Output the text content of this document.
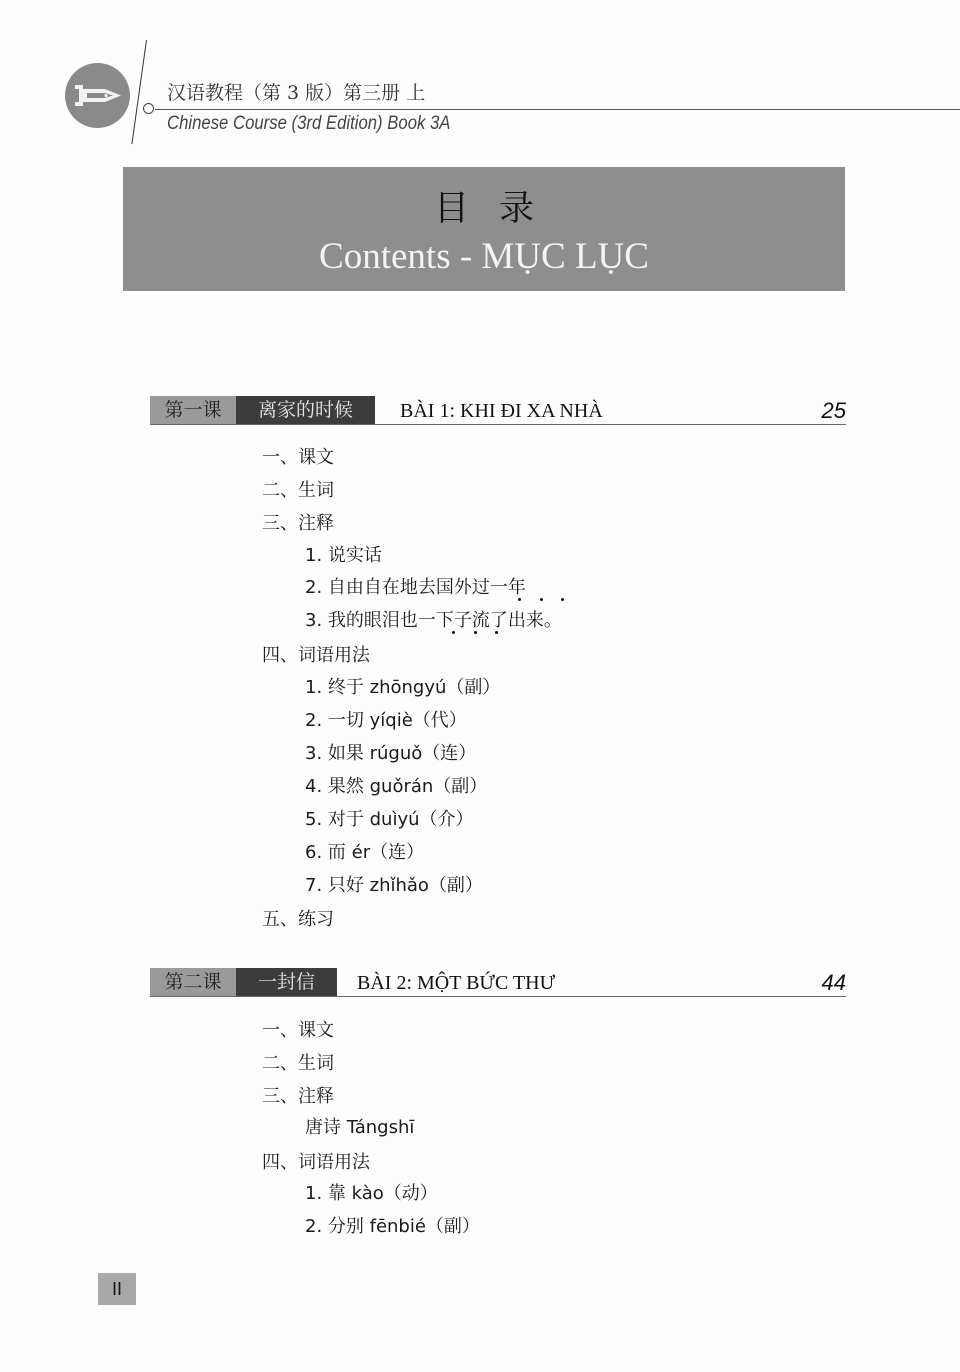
汉语教程（第 3 版）第三册 上
Chinese Course (3rd Edition) Book 3A
目录
Contents - MỤC LỤC
第一课	离家的时候	BÀI 1: KHI ĐI XA NHÀ	25
一、课文
二、生词
三、注释
1. 说实话
2. 自由自在地去国外过一年
3. 我的眼泪也一下子流了出来。
四、词语用法
1. 终于 zhōngyú（副）
2. 一切 yíqiè（代）
3. 如果 rúguǒ（连）
4. 果然 guǒrán（副）
5. 对于 duìyú（介）
6. 而 ér（连）
7. 只好 zhǐhǎo（副）
五、练习
第二课	一封信	BÀI 2: MỘT BỨC THƯ	44
一、课文
二、生词
三、注释
唐诗 Tángshī
四、词语用法
1. 靠 kào（动）
2. 分别 fēnbié（副）
II
